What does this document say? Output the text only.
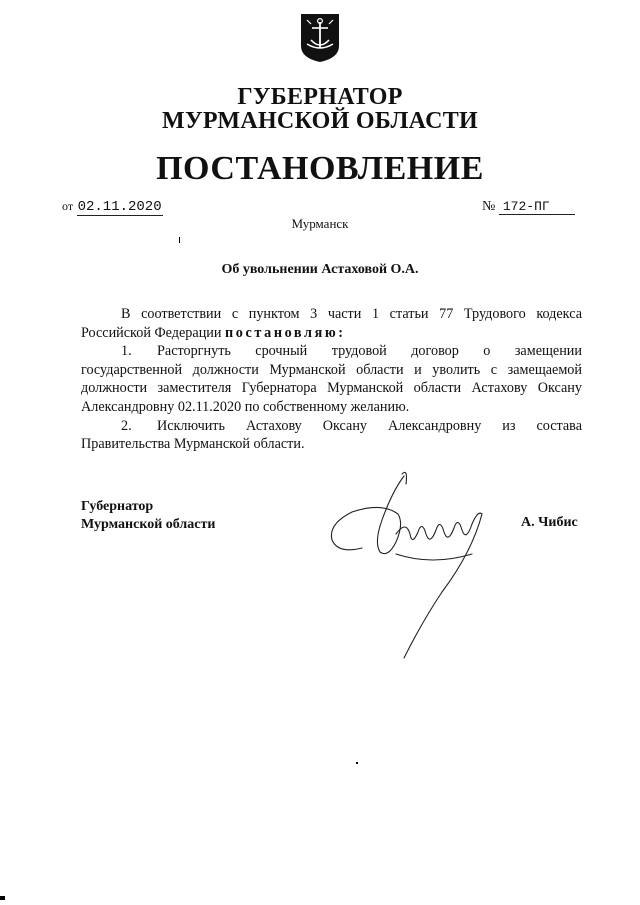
ГУБЕРНАТОР
МУРМАНСКОЙ ОБЛАСТИ
ПОСТАНОВЛЕНИЕ
от 02.11.2020	№ 172-ПГ
Мурманск
Об увольнении Астаховой О.А.

В соответствии с пунктом 3 части 1 статьи 77 Трудового кодекса Российской Федерации постановляю:

1. Расторгнуть срочный трудовой договор о замещении государственной должности Мурманской области и уволить с замещаемой должности заместителя Губернатора Мурманской области Астахову Оксану Александровну 02.11.2020 по собственному желанию.

2. Исключить Астахову Оксану Александровну из состава Правительства Мурманской области.

Губернатор
Мурманской области	А. Чибис
